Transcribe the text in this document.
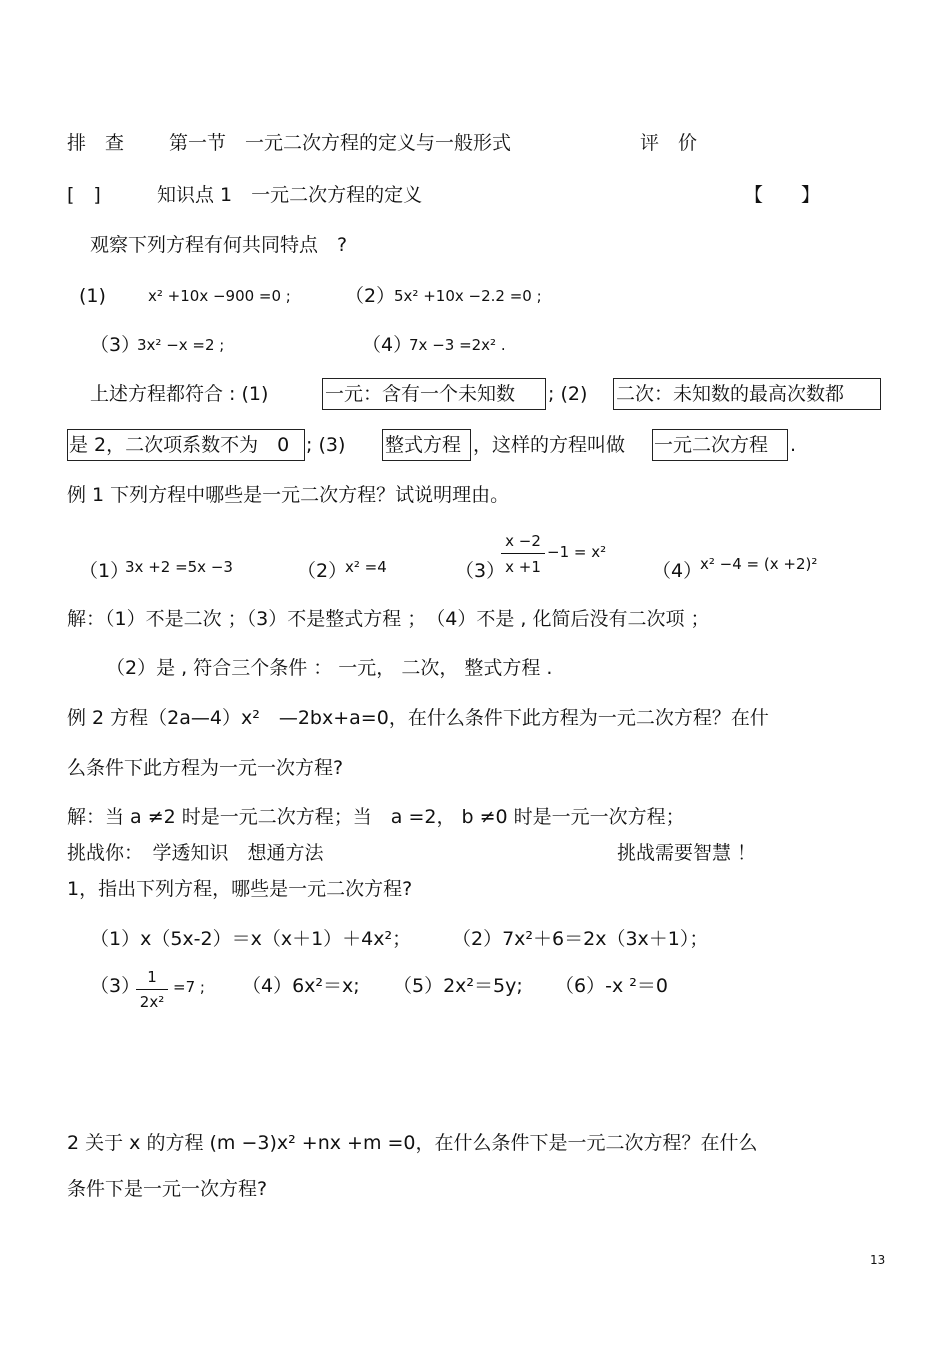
排　查 第一节　一元二次方程的定义与一般形式	评　价
[　]	知识点 1　一元二次方程的定义	【　　】
观察下列方程有何共同特点　?
(1)	x² +10x −900 =0 ;	（2）
5x² +10x −2.2 =0 ;
（3）
3x² −x =2 ;	（4）
7x −3 =2x² .
上述方程都符合 : (1)	一元：含有一个未知数 ; (2) 二次：未知数的最高次数都
是 2，二次项系数不为　0 ; (3) 整式方程 ，这样的方程叫做 一元二次方程 .
例 1 下列方程中哪些是一元二次方程？试说明理由。
（1）
3x +2 =5x −3	（2）
x² =4	（3）
x −2
x +1
−1 = x²
（4）
x² −4 = (x +2)²
解：（1）不是二次 ；（3）不是整式方程 ；　（4）不是 , 化简后没有二次项 ；
（2）是 , 符合三个条件 ： 一元， 二次， 整式方程 .
例 2 方程（2a—4）x²　—2bx+a=0，在什么条件下此方程为一元二次方程？在什
么条件下此方程为一元一次方程?
解：当 a ≠2 时是一元二次方程；当　a =2， b ≠0 时是一元一次方程；
挑战你：　学透知识　想通方法	挑战需要智慧 ！
1，指出下列方程，哪些是一元二次方程?
（1）x（5x-2）＝x（x＋1）＋4x²； （2）7x²＋6＝2x（3x＋1）；
（3） 1
2x²
=7 ; （4）6x²＝x; （5）2x²＝5y; （6）-x ²＝0
2 关于 x 的方程 (m −3)x² +nx +m =0，在什么条件下是一元二次方程？在什么
条件下是一元一次方程?
13
